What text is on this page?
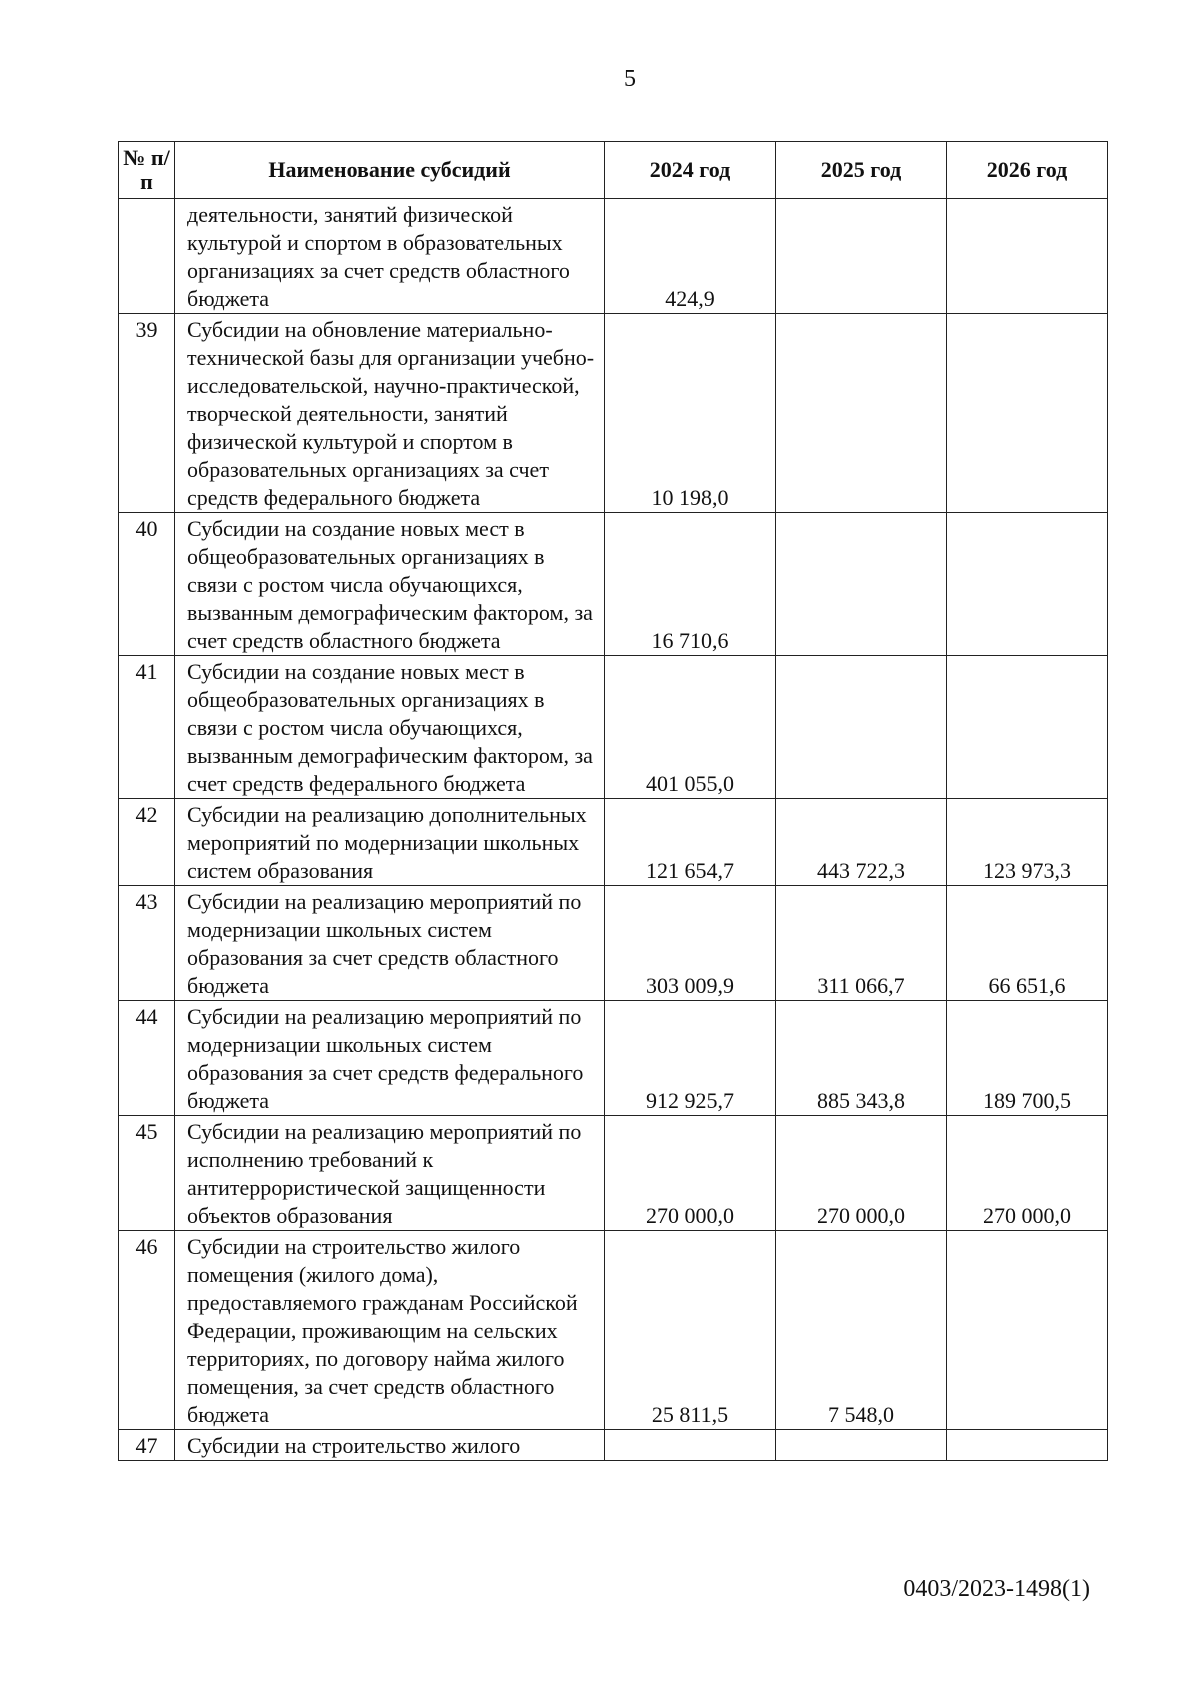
5
№ п/п	Наименование субсидий	2024 год	2025 год	2026 год
	деятельности, занятий физической культурой и спортом в образовательных организациях за счет средств областного бюджета	424,9		
39	Субсидии на обновление материально-технической базы для организации учебно-исследовательской, научно-практической, творческой деятельности, занятий физической культурой и спортом в образовательных организациях за счет средств федерального бюджета	10 198,0		
40	Субсидии на создание новых мест в общеобразовательных организациях в связи с ростом числа обучающихся, вызванным демографическим фактором, за счет средств областного бюджета	16 710,6		
41	Субсидии на создание новых мест в общеобразовательных организациях в связи с ростом числа обучающихся, вызванным демографическим фактором, за счет средств федерального бюджета	401 055,0		
42	Субсидии на реализацию дополнительных мероприятий по модернизации школьных систем образования	121 654,7	443 722,3	123 973,3
43	Субсидии на реализацию мероприятий по модернизации школьных систем образования за счет средств областного бюджета	303 009,9	311 066,7	66 651,6
44	Субсидии на реализацию мероприятий по модернизации школьных систем образования за счет средств федерального бюджета	912 925,7	885 343,8	189 700,5
45	Субсидии на реализацию мероприятий по исполнению требований к антитеррористической защищенности объектов образования	270 000,0	270 000,0	270 000,0
46	Субсидии на строительство жилого помещения (жилого дома), предоставляемого гражданам Российской Федерации, проживающим на сельских территориях, по договору найма жилого помещения, за счет средств областного бюджета	25 811,5	7 548,0	
47	Субсидии на строительство жилого			
0403/2023-1498(1)
